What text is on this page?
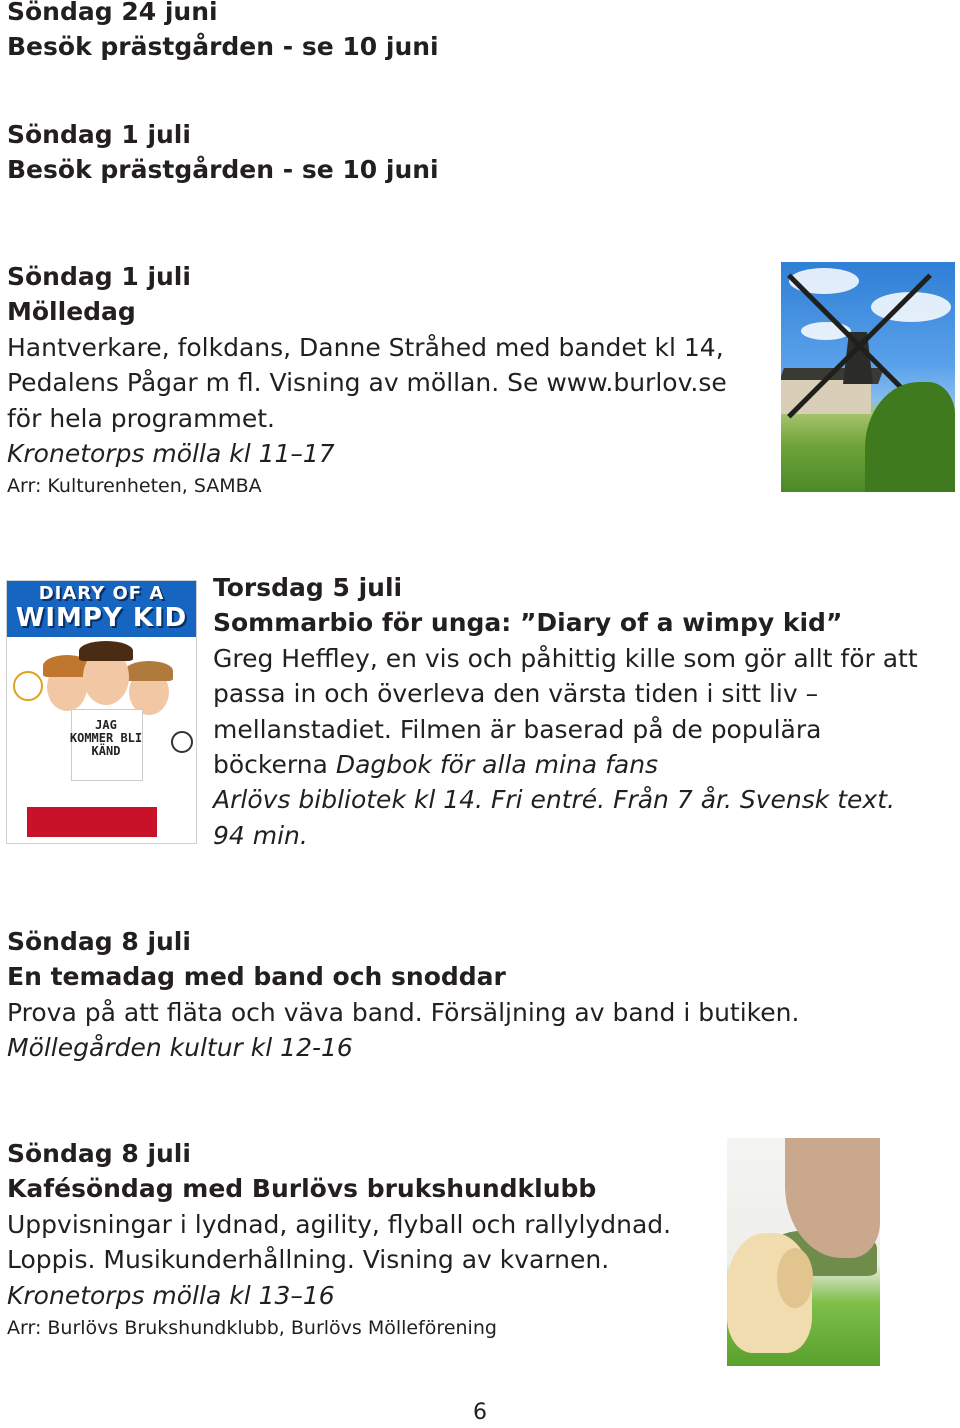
Söndag 24 juni
Besök prästgården - se 10 juni
Söndag 1 juli
Besök prästgården - se 10 juni
Söndag 1 juli
Mölledag
Hantverkare, folkdans, Danne Stråhed med bandet kl 14,
Pedalens Pågar m fl. Visning av möllan. Se www.burlov.se
för hela programmet.
Kronetorps mölla kl 11–17
Arr: Kulturenheten, SAMBA
DIARY OF A
WIMPY KID
JAG
KOMMER BLI
KÄND
Torsdag 5 juli
Sommarbio för unga: ”Diary of a wimpy kid”
Greg Heffley, en vis och påhittig kille som gör allt för att
passa in och överleva den värsta tiden i sitt liv –
mellanstadiet. Filmen är baserad på de populära
böckerna Dagbok för alla mina fans
Arlövs bibliotek kl 14. Fri entré. Från 7 år. Svensk text.
94 min.
Söndag 8 juli
En temadag med band och snoddar
Prova på att fläta och väva band. Försäljning av band i butiken.
Möllegården kultur kl 12-16
Söndag 8 juli
Kafésöndag med Burlövs brukshundklubb
Uppvisningar i lydnad, agility, flyball och rallylydnad.
Loppis. Musikunderhållning. Visning av kvarnen.
Kronetorps mölla kl 13–16
Arr: Burlövs Brukshundklubb, Burlövs Mölleförening
6
